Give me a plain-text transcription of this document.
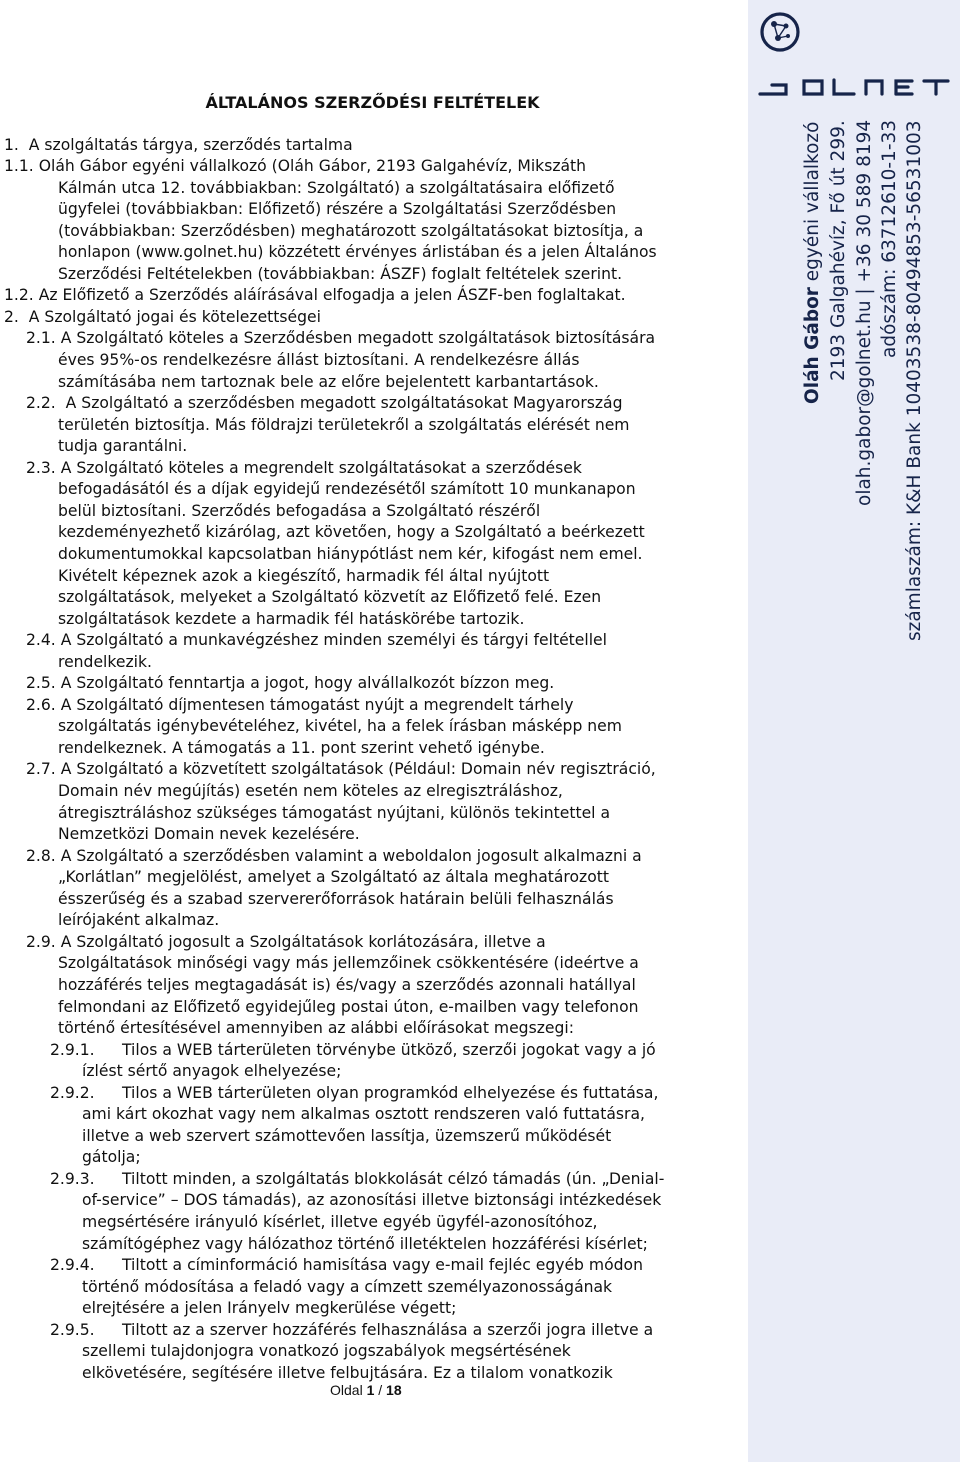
ÁLTALÁNOS SZERZŐDÉSI FELTÉTELEK
1.  A szolgáltatás tárgya, szerződés tartalma
1.1. Oláh Gábor egyéni vállalkozó (Oláh Gábor, 2193 Galgahévíz, Mikszáth
Kálmán utca 12. továbbiakban: Szolgáltató) a szolgáltatásaira előfizető
ügyfelei (továbbiakban: Előfizető) részére a Szolgáltatási Szerződésben
(továbbiakban: Szerződésben) meghatározott szolgáltatásokat biztosítja, a
honlapon (www.golnet.hu) közzétett érvényes árlistában és a jelen Általános
Szerződési Feltételekben (továbbiakban: ÁSZF) foglalt feltételek szerint.
1.2. Az Előfizető a Szerződés aláírásával elfogadja a jelen ÁSZF-ben foglaltakat.
2.  A Szolgáltató jogai és kötelezettségei
2.1. A Szolgáltató köteles a Szerződésben megadott szolgáltatások biztosítására
éves 95%-os rendelkezésre állást biztosítani. A rendelkezésre állás
számításába nem tartoznak bele az előre bejelentett karbantartások.
2.2.  A Szolgáltató a szerződésben megadott szolgáltatásokat Magyarország
területén biztosítja. Más földrajzi területekről a szolgáltatás elérését nem
tudja garantálni.
2.3. A Szolgáltató köteles a megrendelt szolgáltatásokat a szerződések
befogadásától és a díjak egyidejű rendezésétől számított 10 munkanapon
belül biztosítani. Szerződés befogadása a Szolgáltató részéről
kezdeményezhető kizárólag, azt követően, hogy a Szolgáltató a beérkezett
dokumentumokkal kapcsolatban hiánypótlást nem kér, kifogást nem emel.
Kivételt képeznek azok a kiegészítő, harmadik fél által nyújtott
szolgáltatások, melyeket a Szolgáltató közvetít az Előfizető felé. Ezen
szolgáltatások kezdete a harmadik fél hatáskörébe tartozik.
2.4. A Szolgáltató a munkavégzéshez minden személyi és tárgyi feltétellel
rendelkezik.
2.5. A Szolgáltató fenntartja a jogot, hogy alvállalkozót bízzon meg.
2.6. A Szolgáltató díjmentesen támogatást nyújt a megrendelt tárhely
szolgáltatás igénybevételéhez, kivétel, ha a felek írásban másképp nem
rendelkeznek. A támogatás a 11. pont szerint vehető igénybe.
2.7. A Szolgáltató a közvetített szolgáltatások (Például: Domain név regisztráció,
Domain név megújítás) esetén nem köteles az elregisztráláshoz,
átregisztráláshoz szükséges támogatást nyújtani, különös tekintettel a
Nemzetközi Domain nevek kezelésére.
2.8. A Szolgáltató a szerződésben valamint a weboldalon jogosult alkalmazni a
„Korlátlan” megjelölést, amelyet a Szolgáltató az általa meghatározott
ésszerűség és a szabad szervererőforrások határain belüli felhasználás
leírójaként alkalmaz.
2.9. A Szolgáltató jogosult a Szolgáltatások korlátozására, illetve a
Szolgáltatások minőségi vagy más jellemzőinek csökkentésére (ideértve a
hozzáférés teljes megtagadását is) és/vagy a szerződés azonnali hatállyal
felmondani az Előfizető egyidejűleg postai úton, e-mailben vagy telefonon
történő értesítésével amennyiben az alábbi előírásokat megszegi:
2.9.1. Tilos a WEB tárterületen törvénybe ütköző, szerzői jogokat vagy a jó
ízlést sértő anyagok elhelyezése;
2.9.2. Tilos a WEB tárterületen olyan programkód elhelyezése és futtatása,
ami kárt okozhat vagy nem alkalmas osztott rendszeren való futtatásra,
illetve a web szervert számottevően lassítja, üzemszerű működését
gátolja;
2.9.3. Tiltott minden, a szolgáltatás blokkolását célzó támadás (ún. „Denial-
of-service” – DOS támadás), az azonosítási illetve biztonsági intézkedések
megsértésére irányuló kísérlet, illetve egyéb ügyfél-azonosítóhoz,
számítógéphez vagy hálózathoz történő illetéktelen hozzáférési kísérlet;
2.9.4. Tiltott a címinformáció hamisítása vagy e-mail fejléc egyéb módon
történő módosítása a feladó vagy a címzett személyazonosságának
elrejtésére a jelen Irányelv megkerülése végett;
2.9.5. Tiltott az a szerver hozzáférés felhasználása a szerzői jogra illetve a
szellemi tulajdonjogra vonatkozó jogszabályok megsértésének
elkövetésére, segítésére illetve felbujtására. Ez a tilalom vonatkozik
Oldal 1 / 18
Oláh Gábor egyéni vállalkozó 2193 Galgahévíz, Fő út 299. olah.gabor@golnet.hu | +36 30 589 8194 adószám: 63712610-1-33 számlaszám: K&H Bank 10403538-80494853-56531003
